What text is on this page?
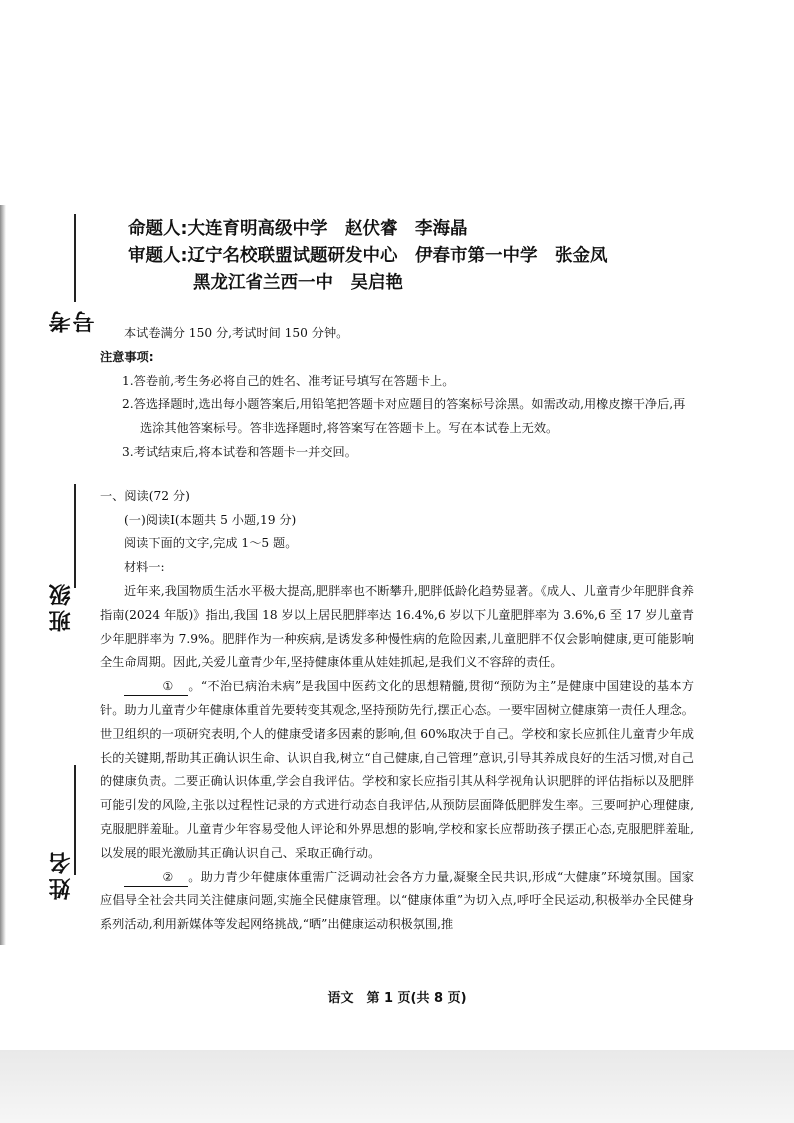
考号
班级
姓名
命题人:大连育明高级中学　赵伏睿　李海晶
审题人:辽宁名校联盟试题研发中心　伊春市第一中学　张金凤
黑龙江省兰西一中　吴启艳

本试卷满分 150 分,考试时间 150 分钟。

注意事项:

1.答卷前,考生务必将自己的姓名、准考证号填写在答题卡上。

2.答选择题时,选出每小题答案后,用铅笔把答题卡对应题目的答案标号涂黑。如需改动,用橡皮擦干净后,再选涂其他答案标号。答非选择题时,将答案写在答题卡上。写在本试卷上无效。

3.考试结束后,将本试卷和答题卡一并交回。

一、阅读(72 分)

(一)阅读Ⅰ(本题共 5 小题,19 分)

阅读下面的文字,完成 1～5 题。

材料一:

近年来,我国物质生活水平极大提高,肥胖率也不断攀升,肥胖低龄化趋势显著。《成人、儿童青少年肥胖食养指南(2024 年版)》指出,我国 18 岁以上居民肥胖率达 16.4%,6 岁以下儿童肥胖率为 3.6%,6 至 17 岁儿童青少年肥胖率为 7.9%。肥胖作为一种疾病,是诱发多种慢性病的危险因素,儿童肥胖不仅会影响健康,更可能影响全生命周期。因此,关爱儿童青少年,坚持健康体重从娃娃抓起,是我们义不容辞的责任。

① 。“不治已病治未病”是我国中医药文化的思想精髓,贯彻“预防为主”是健康中国建设的基本方针。助力儿童青少年健康体重首先要转变其观念,坚持预防先行,摆正心态。一要牢固树立健康第一责任人理念。世卫组织的一项研究表明,个人的健康受诸多因素的影响,但 60%取决于自己。学校和家长应抓住儿童青少年成长的关键期,帮助其正确认识生命、认识自我,树立“自己健康,自己管理”意识,引导其养成良好的生活习惯,对自己的健康负责。二要正确认识体重,学会自我评估。学校和家长应指引其从科学视角认识肥胖的评估指标以及肥胖可能引发的风险,主张以过程性记录的方式进行动态自我评估,从预防层面降低肥胖发生率。三要呵护心理健康,克服肥胖羞耻。儿童青少年容易受他人评论和外界思想的影响,学校和家长应帮助孩子摆正心态,克服肥胖羞耻,以发展的眼光激励其正确认识自己、采取正确行动。

② 。助力青少年健康体重需广泛调动社会各方力量,凝聚全民共识,形成“大健康”环境氛围。国家应倡导全社会共同关注健康问题,实施全民健康管理。以“健康体重”为切入点,呼吁全民运动,积极举办全民健身系列活动,利用新媒体等发起网络挑战,“晒”出健康运动积极氛围,推

语文　第 1 页(共 8 页)
